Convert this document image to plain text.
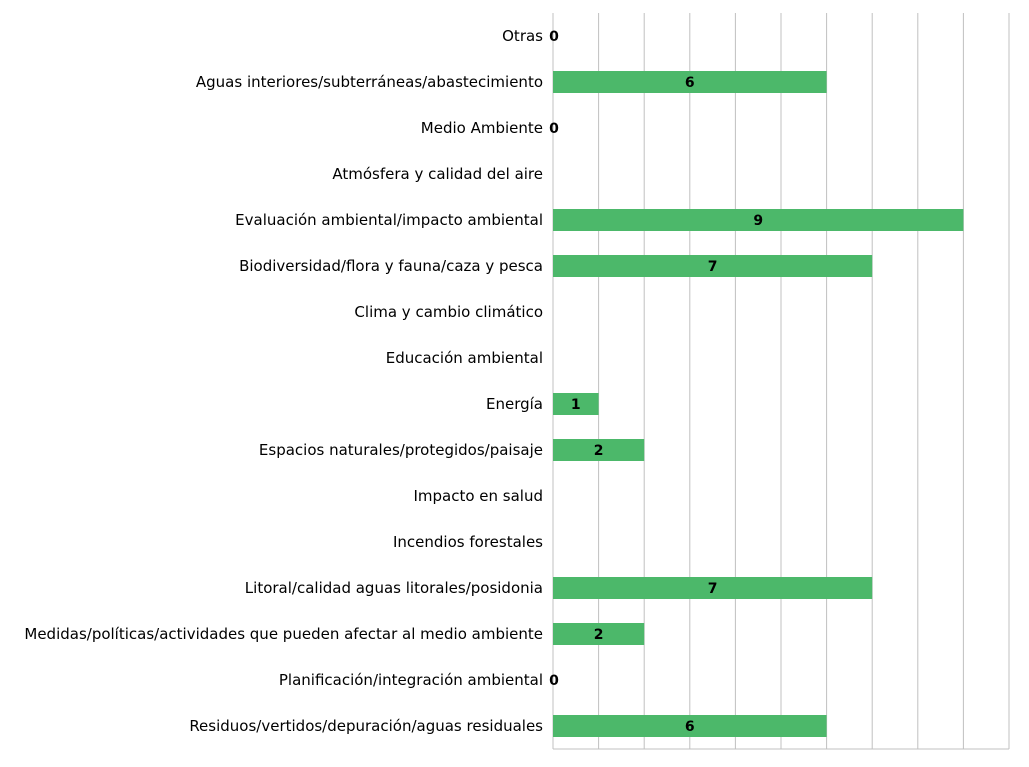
Otras
Aguas interiores/subterráneas/abastecimiento
Medio Ambiente
Atmósfera y calidad del aire
Evaluación ambiental/impacto ambiental
Biodiversidad/flora y fauna/caza y pesca
Clima y cambio climático
Educación ambiental
Energía
Espacios naturales/protegidos/paisaje
Impacto en salud
Incendios forestales
Litoral/calidad aguas litorales/posidonia
Medidas/políticas/actividades que pueden afectar al medio ambiente
Planificación/integración ambiental
Residuos/vertidos/depuración/aguas residuales
0
6
0
9
7
1
2
7
2
0
6
